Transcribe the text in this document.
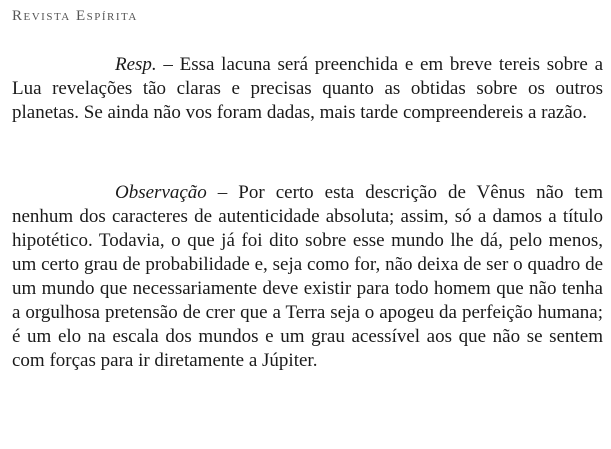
Revista Espírita

Resp. – Essa lacuna será preenchida e em breve tereis sobre a Lua revelações tão claras e precisas quanto as obtidas sobre os outros planetas. Se ainda não vos foram dadas, mais tarde compreendereis a razão.

Observação – Por certo esta descrição de Vênus não tem nenhum dos caracteres de autenticidade absoluta; assim, só a damos a título hipotético. Todavia, o que já foi dito sobre esse mundo lhe dá, pelo menos, um certo grau de probabilidade e, seja como for, não deixa de ser o quadro de um mundo que necessariamente deve existir para todo homem que não tenha a orgulhosa pretensão de crer que a Terra seja o apogeu da perfeição humana; é um elo na escala dos mundos e um grau acessível aos que não se sentem com forças para ir diretamente a Júpiter.
